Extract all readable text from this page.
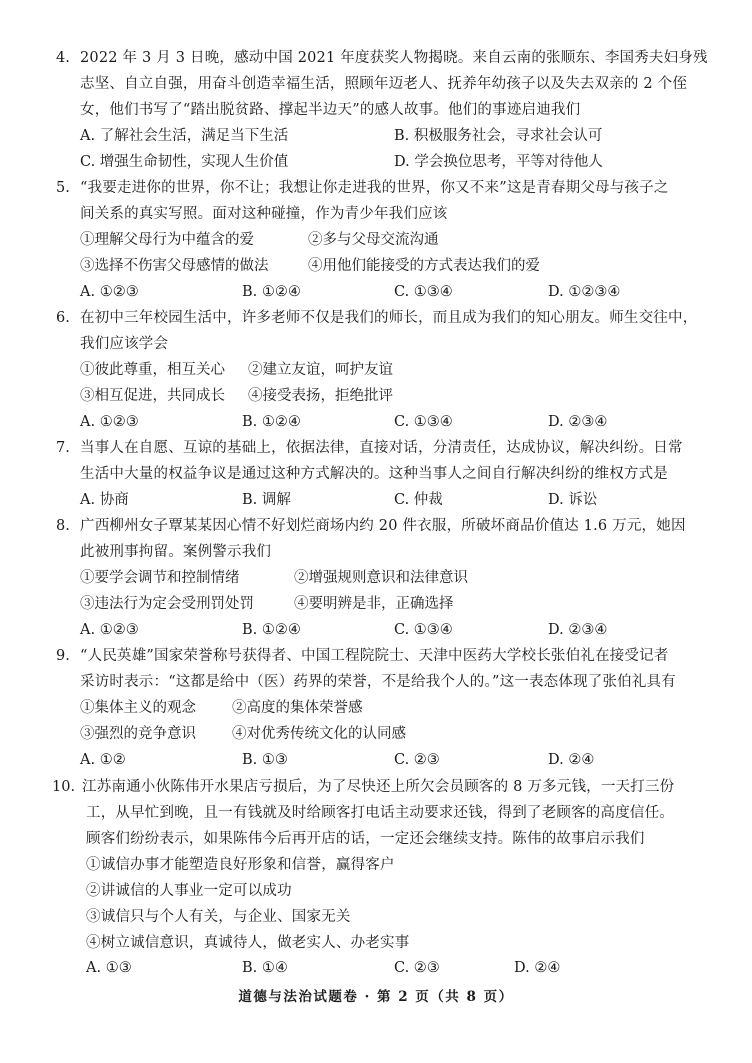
4. 2022 年 3 月 3 日晚，感动中国 2021 年度获奖人物揭晓。来自云南的张顺东、李国秀夫妇身残
志坚、自立自强，用奋斗创造幸福生活，照顾年迈老人、抚养年幼孩子以及失去双亲的 2 个侄
女，他们书写了“踏出脱贫路、撑起半边天”的感人故事。他们的事迹启迪我们
A. 了解社会生活，满足当下生活	B. 积极服务社会，寻求社会认可
C. 增强生命韧性，实现人生价值	D. 学会换位思考，平等对待他人
5. “我要走进你的世界，你不让；我想让你走进我的世界，你又不来”这是青春期父母与孩子之
间关系的真实写照。面对这种碰撞，作为青少年我们应该
①理解父母行为中蕴含的爱	②多与父母交流沟通
③选择不伤害父母感情的做法	④用他们能接受的方式表达我们的爱
A. ①②③	B. ①②④	C. ①③④	D. ①②③④
6. 在初中三年校园生活中，许多老师不仅是我们的师长，而且成为我们的知心朋友。师生交往中，
我们应该学会
①彼此尊重，相互关心 ②建立友谊，呵护友谊
③相互促进，共同成长 ④接受表扬，拒绝批评
A. ①②③	B. ①②④	C. ①③④	D. ②③④
7. 当事人在自愿、互谅的基础上，依据法律，直接对话，分清责任，达成协议，解决纠纷。日常
生活中大量的权益争议是通过这种方式解决的。这种当事人之间自行解决纠纷的维权方式是
A. 协商	B. 调解	C. 仲裁	D. 诉讼
8. 广西柳州女子覃某某因心情不好划烂商场内约 20 件衣服，所破坏商品价值达 1.6 万元，她因
此被刑事拘留。案例警示我们
①要学会调节和控制情绪	②增强规则意识和法律意识
③违法行为定会受刑罚处罚	④要明辨是非，正确选择
A. ①②③	B. ①②④	C. ①③④	D. ②③④
9. “人民英雄”国家荣誉称号获得者、中国工程院院士、天津中医药大学校长张伯礼在接受记者
采访时表示：“这都是给中（医）药界的荣誉，不是给我个人的。”这一表态体现了张伯礼具有
①集体主义的观念 ②高度的集体荣誉感
③强烈的竞争意识 ④对优秀传统文化的认同感
A. ①②	B. ①③	C. ②③	D. ②④
10. 江苏南通小伙陈伟开水果店亏损后，为了尽快还上所欠会员顾客的 8 万多元钱，一天打三份
工，从早忙到晚，且一有钱就及时给顾客打电话主动要求还钱，得到了老顾客的高度信任。
顾客们纷纷表示，如果陈伟今后再开店的话，一定还会继续支持。陈伟的故事启示我们
①诚信办事才能塑造良好形象和信誉，赢得客户
②讲诚信的人事业一定可以成功
③诚信只与个人有关，与企业、国家无关
④树立诚信意识，真诚待人，做老实人、办老实事
A. ①③	B. ①④	C. ②③	D. ②④
道德与法治试题卷 · 第 2 页（共 8 页）
